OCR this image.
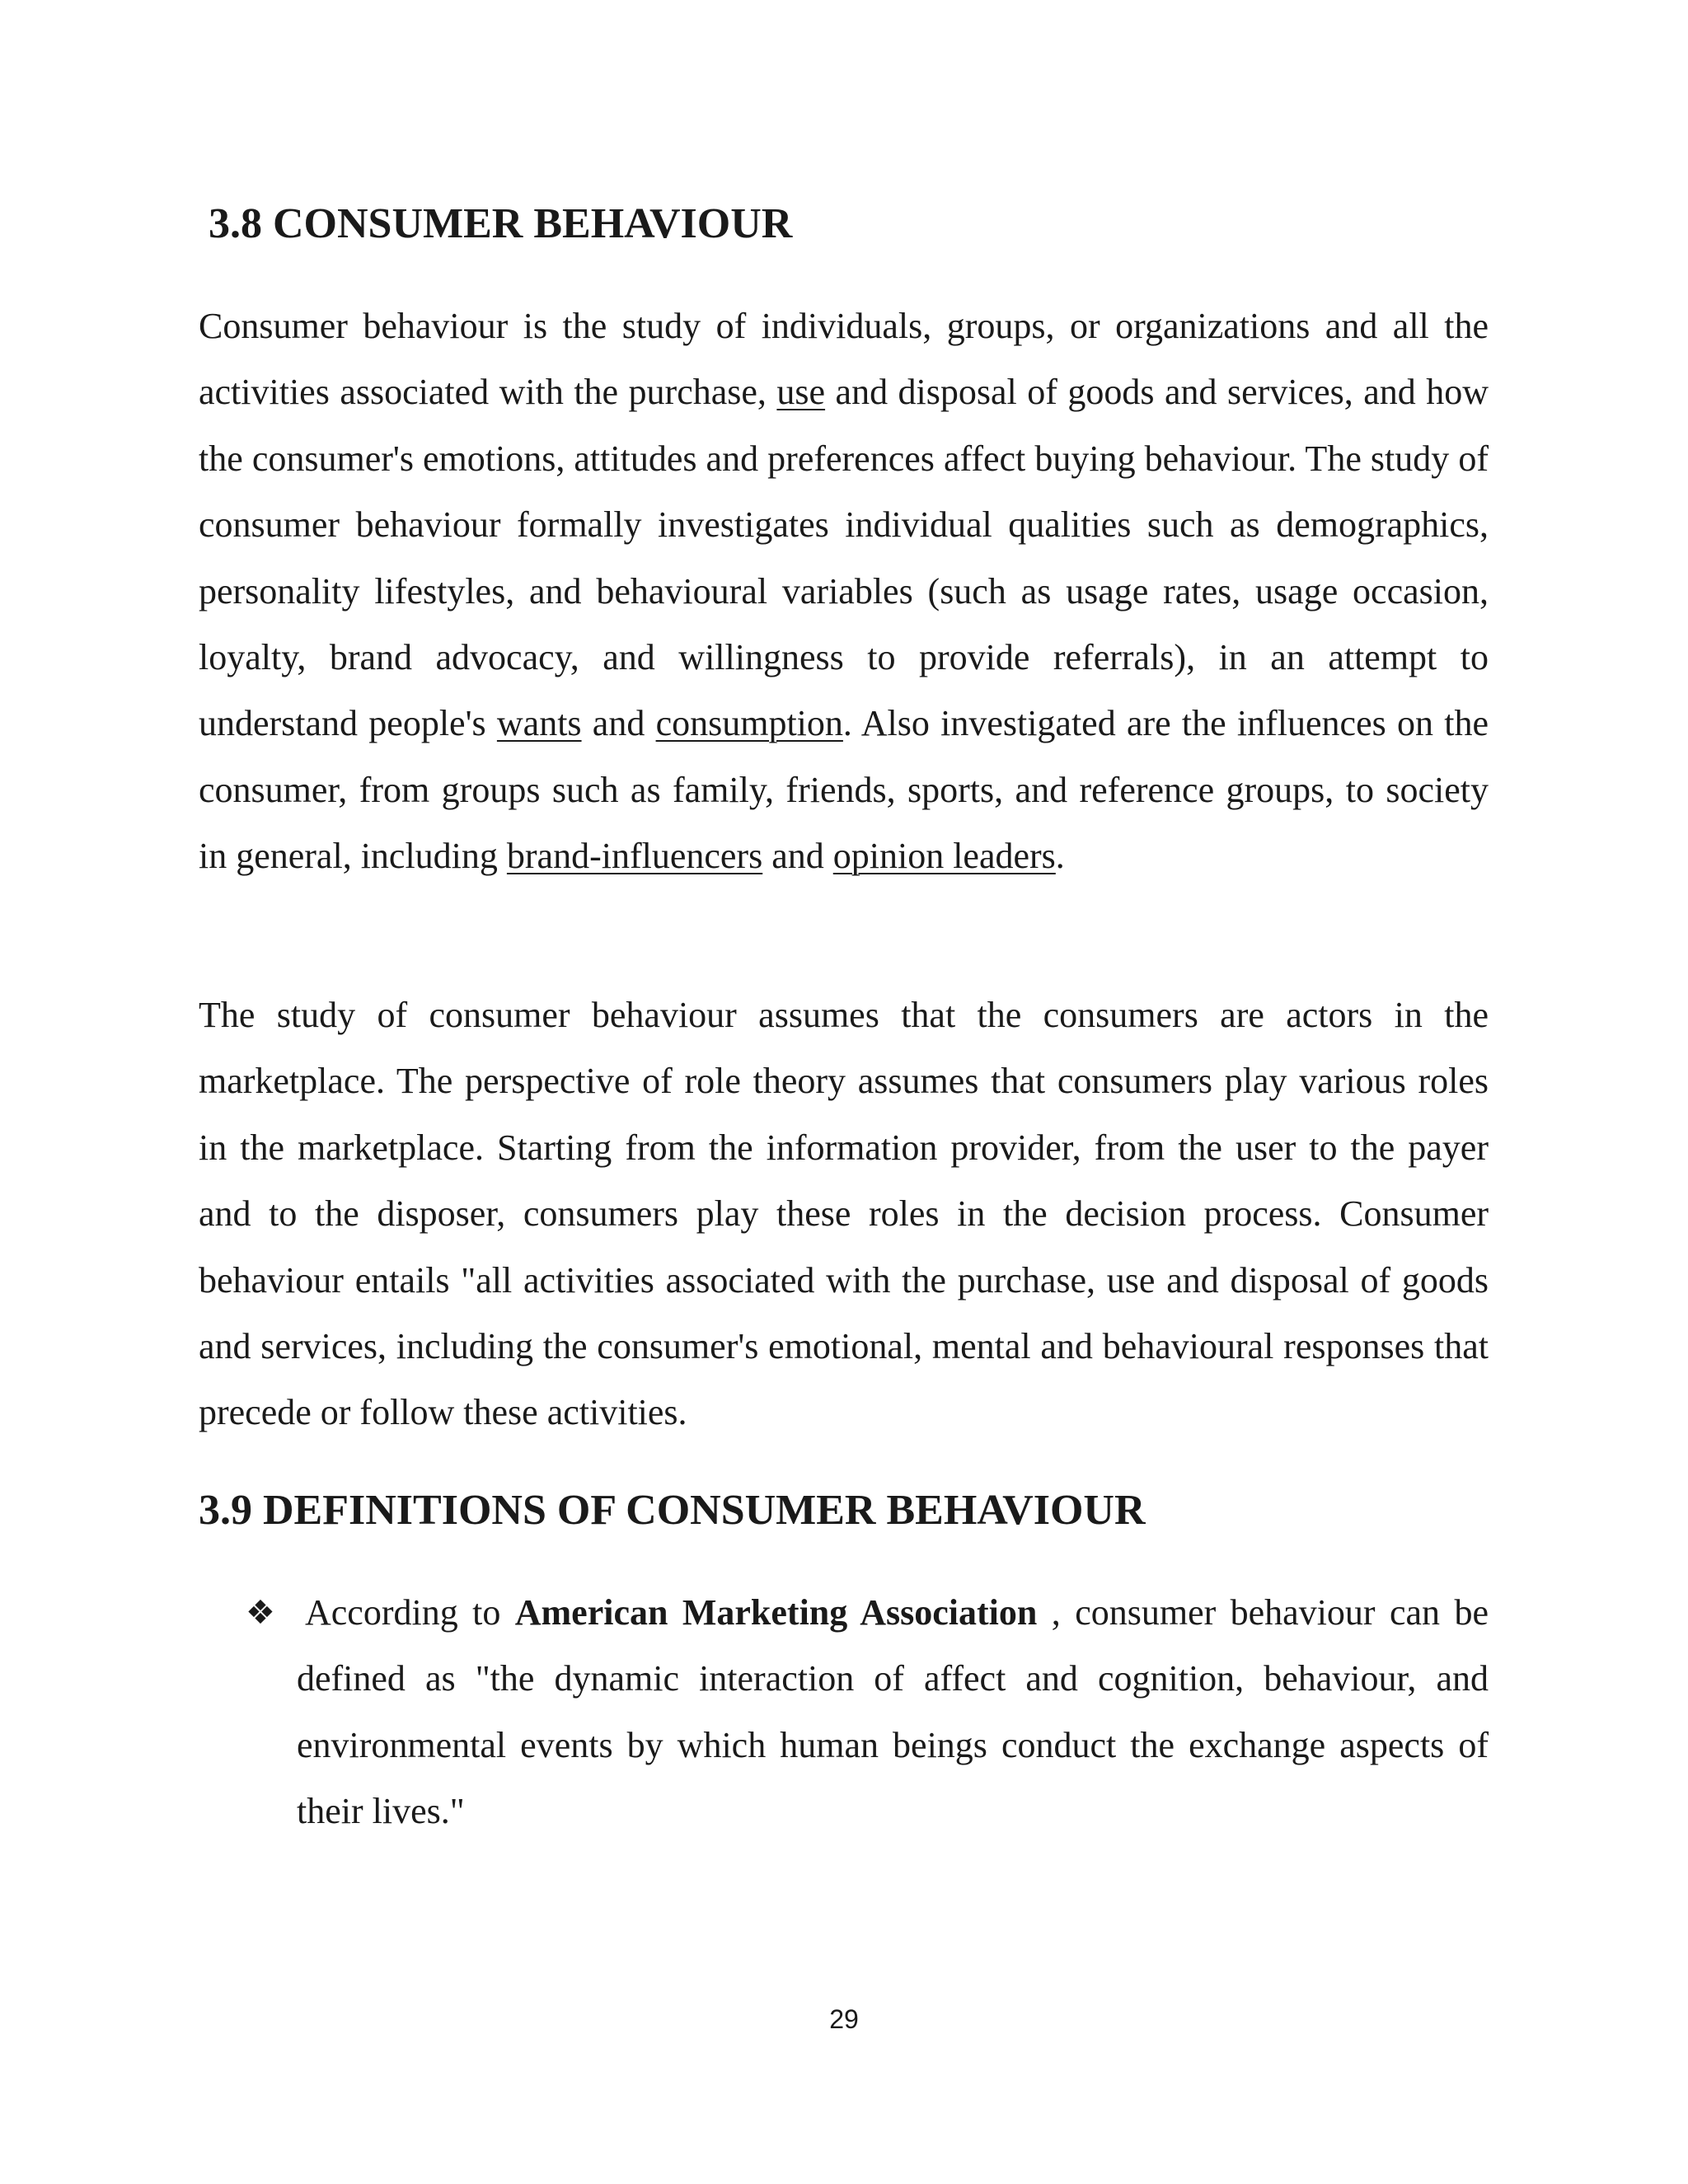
3.8 CONSUMER BEHAVIOUR

Consumer behaviour is the study of individuals, groups, or organizations and all the activities associated with the purchase, use and disposal of goods and services, and how the consumer's emotions, attitudes and preferences affect buying behaviour. The study of consumer behaviour formally investigates individual qualities such as demographics, personality lifestyles, and behavioural variables (such as usage rates, usage occasion, loyalty, brand advocacy, and willingness to provide referrals), in an attempt to understand people's wants and consumption. Also investigated are the influences on the consumer, from groups such as family, friends, sports, and reference groups, to society in general, including brand-influencers and opinion leaders.

The study of consumer behaviour assumes that the consumers are actors in the marketplace. The perspective of role theory assumes that consumers play various roles in the marketplace. Starting from the information provider, from the user to the payer and to the disposer, consumers play these roles in the decision process. Consumer behaviour entails "all activities associated with the purchase, use and disposal of goods and services, including the consumer's emotional, mental and behavioural responses that precede or follow these activities.

3.9 DEFINITIONS OF CONSUMER BEHAVIOUR
❖ According to American Marketing Association , consumer behaviour can be defined as "the dynamic interaction of affect and cognition, behaviour, and environmental events by which human beings conduct the exchange aspects of their lives."

29
